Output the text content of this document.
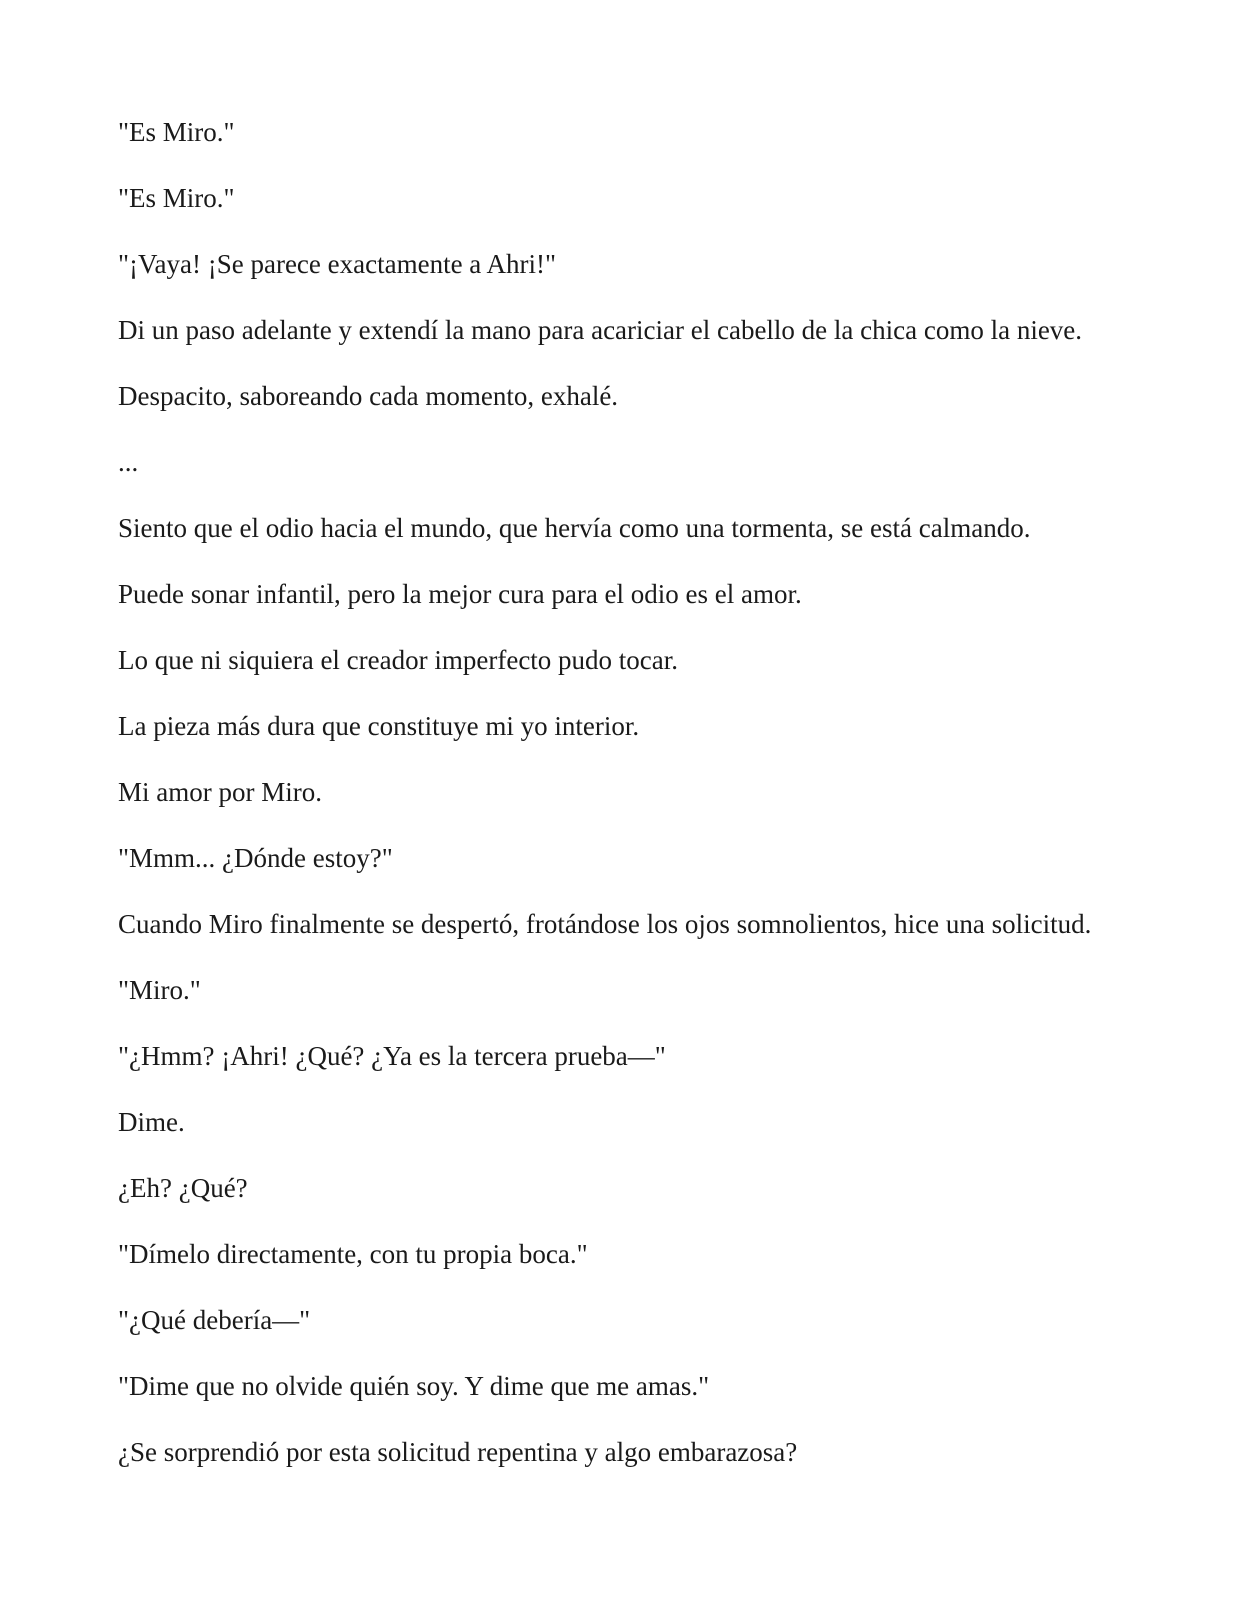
"Es Miro."

"Es Miro."

"¡Vaya! ¡Se parece exactamente a Ahri!"

Di un paso adelante y extendí la mano para acariciar el cabello de la chica como la nieve.

Despacito, saboreando cada momento, exhalé.

...

Siento que el odio hacia el mundo, que hervía como una tormenta, se está calmando.

Puede sonar infantil, pero la mejor cura para el odio es el amor.

Lo que ni siquiera el creador imperfecto pudo tocar.

La pieza más dura que constituye mi yo interior.

Mi amor por Miro.

"Mmm... ¿Dónde estoy?"

Cuando Miro finalmente se despertó, frotándose los ojos somnolientos, hice una solicitud.

"Miro."

"¿Hmm? ¡Ahri! ¿Qué? ¿Ya es la tercera prueba—"

Dime.

¿Eh? ¿Qué?

"Dímelo directamente, con tu propia boca."

"¿Qué debería—"

"Dime que no olvide quién soy. Y dime que me amas."

¿Se sorprendió por esta solicitud repentina y algo embarazosa?
